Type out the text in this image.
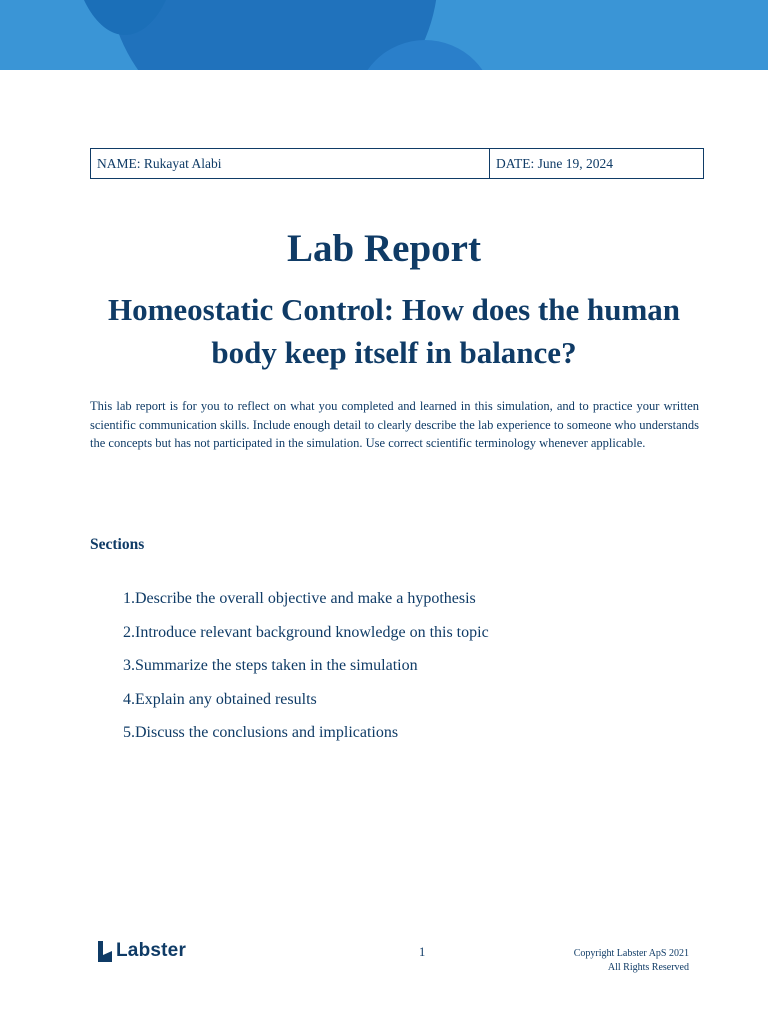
NAME: Rukayat Alabi	DATE: June 19, 2024
Lab Report
Homeostatic Control: How does the human body keep itself in balance?

This lab report is for you to reflect on what you completed and learned in this simulation, and to practice your written scientific communication skills. Include enough detail to clearly describe the lab experience to someone who understands the concepts but has not participated in the simulation. Use correct scientific terminology whenever applicable.

Sections
1. Describe the overall objective and make a hypothesis
2. Introduce relevant background knowledge on this topic
3. Summarize the steps taken in the simulation
4. Explain any obtained results
5. Discuss the conclusions and implications
Labster	1	Copyright Labster ApS 2021
All Rights Reserved
